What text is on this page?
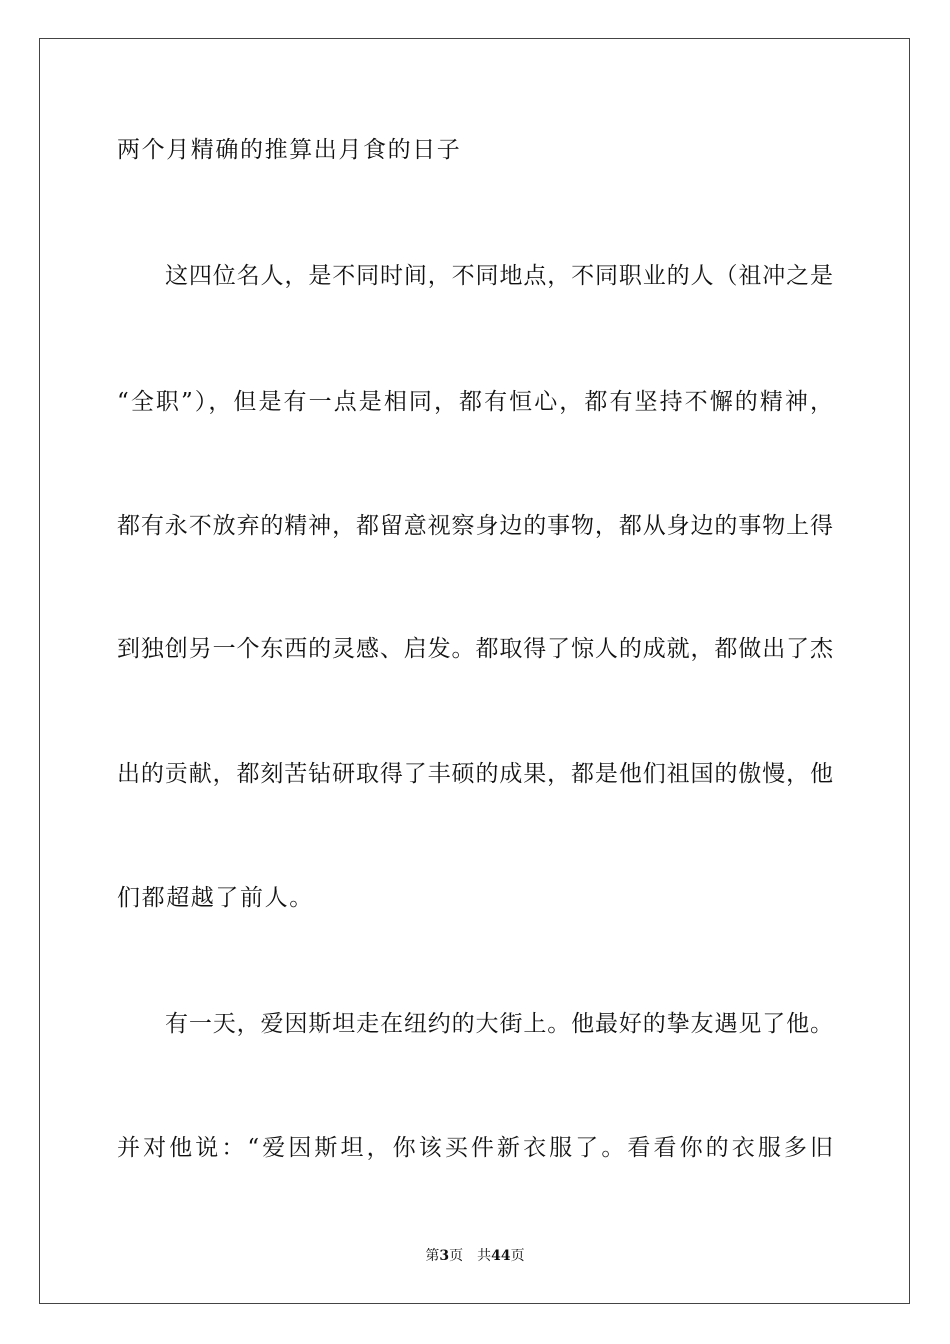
两个月精确的推算出月食的日子
这四位名人，是不同时间，不同地点，不同职业的人（祖冲之是
“全职”），但是有一点是相同，都有恒心，都有坚持不懈的精神，
都有永不放弃的精神，都留意视察身边的事物，都从身边的事物上得
到独创另一个东西的灵感、启发。都取得了惊人的成就，都做出了杰
出的贡献，都刻苦钻研取得了丰硕的成果，都是他们祖国的傲慢，他
们都超越了前人。
有一天，爱因斯坦走在纽约的大街上。他最好的挚友遇见了他。
并对他说：“爱因斯坦，你该买件新衣服了。看看你的衣服多旧
第3页 共44页
